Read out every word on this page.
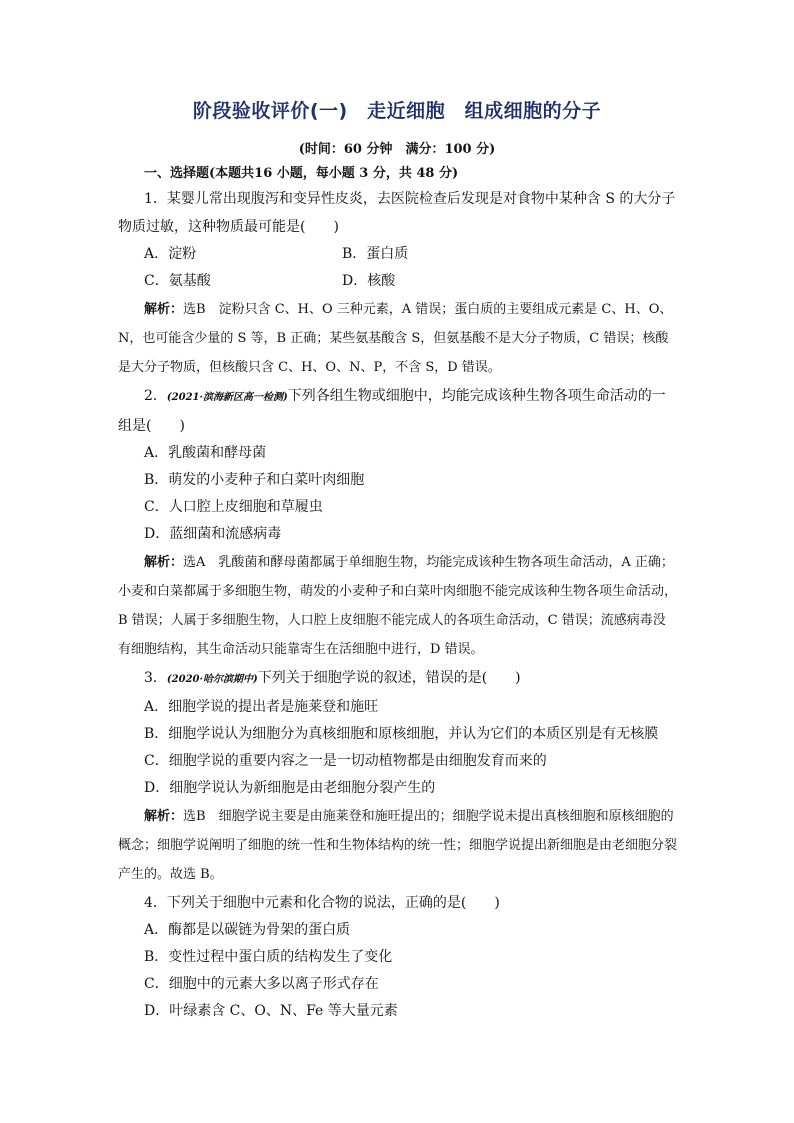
阶段验收评价(一)　走近细胞　组成细胞的分子
(时间：60 分钟　满分：100 分)

一、选择题(本题共16 小题，每小题 3 分，共 48 分)

1．某婴儿常出现腹泻和变异性皮炎，去医院检查后发现是对食物中某种含 S 的大分子物质过敏，这种物质最可能是(　　)

A．淀粉	B．蛋白质
C．氨基酸	D．核酸

解析：选B　淀粉只含 C、H、O 三种元素，A 错误；蛋白质的主要组成元素是 C、H、O、N，也可能含少量的 S 等，B 正确；某些氨基酸含 S，但氨基酸不是大分子物质，C 错误；核酸是大分子物质，但核酸只含 C、H、O、N、P，不含 S，D 错误。

2．(2021·滨海新区高一检测)下列各组生物或细胞中，均能完成该种生物各项生命活动的一组是(　　)

A．乳酸菌和酵母菌

B．萌发的小麦种子和白菜叶肉细胞

C．人口腔上皮细胞和草履虫

D．蓝细菌和流感病毒

解析：选A　乳酸菌和酵母菌都属于单细胞生物，均能完成该种生物各项生命活动，A 正确；小麦和白菜都属于多细胞生物，萌发的小麦种子和白菜叶肉细胞不能完成该种生物各项生命活动，B 错误；人属于多细胞生物，人口腔上皮细胞不能完成人的各项生命活动，C 错误；流感病毒没有细胞结构，其生命活动只能靠寄生在活细胞中进行，D 错误。

3．(2020·哈尔滨期中)下列关于细胞学说的叙述，错误的是(　　)

A．细胞学说的提出者是施莱登和施旺

B．细胞学说认为细胞分为真核细胞和原核细胞，并认为它们的本质区别是有无核膜

C．细胞学说的重要内容之一是一切动植物都是由细胞发育而来的

D．细胞学说认为新细胞是由老细胞分裂产生的

解析：选B　细胞学说主要是由施莱登和施旺提出的；细胞学说未提出真核细胞和原核细胞的概念；细胞学说阐明了细胞的统一性和生物体结构的统一性；细胞学说提出新细胞是由老细胞分裂产生的。故选 B。

4．下列关于细胞中元素和化合物的说法，正确的是(　　)

A．酶都是以碳链为骨架的蛋白质

B．变性过程中蛋白质的结构发生了变化

C．细胞中的元素大多以离子形式存在

D．叶绿素含 C、O、N、Fe 等大量元素
